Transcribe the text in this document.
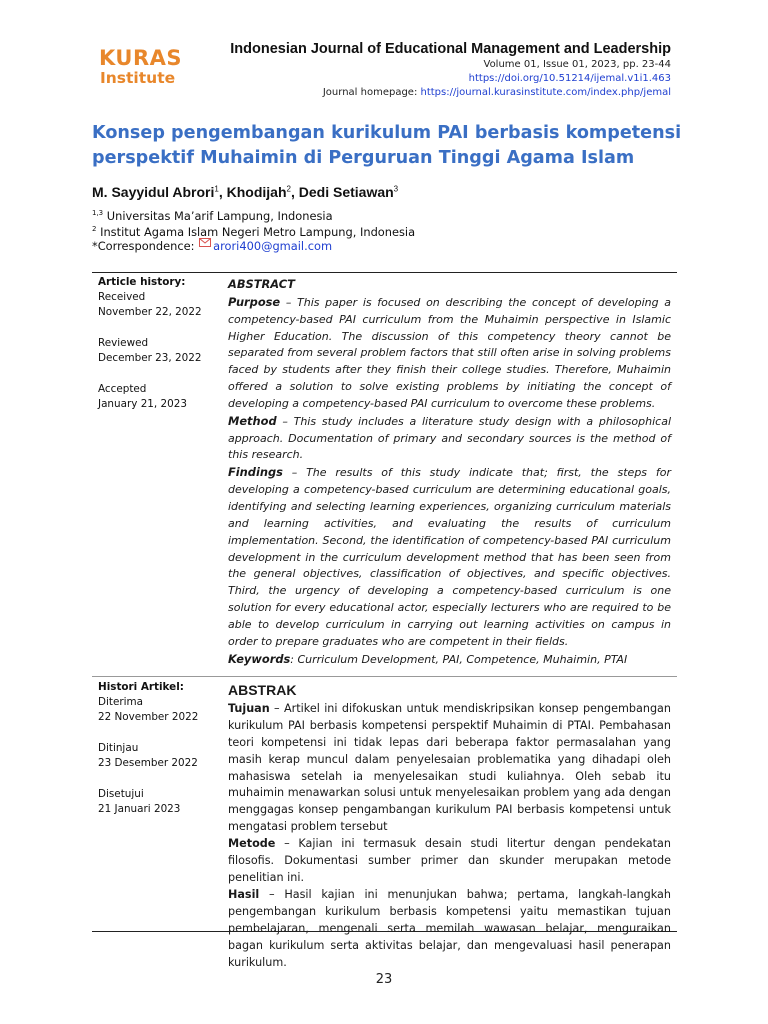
KURAS
Institute
Indonesian Journal of Educational Management and Leadership
Volume 01, Issue 01, 2023, pp. 23-44
https://doi.org/10.51214/ijemal.v1i1.463
Journal homepage: https://journal.kurasinstitute.com/index.php/jemal
Konsep pengembangan kurikulum PAI berbasis kompetensi perspektif Muhaimin di Perguruan Tinggi Agama Islam
M. Sayyidul Abrori$^1$, Khodijah$^2$, Dedi Setiawan$^3$
$^{1,3}$ Universitas Ma’arif Lampung, Indonesia
$^2$ Institut Agama Islam Negeri Metro Lampung, Indonesia
*Correspondence: arori400@gmail.com
Article history:
Received
November 22, 2022
Reviewed
December 23, 2022
Accepted
January 21, 2023

ABSTRACT

Purpose – This paper is focused on describing the concept of developing a competency-based PAI curriculum from the Muhaimin perspective in Islamic Higher Education. The discussion of this competency theory cannot be separated from several problem factors that still often arise in solving problems faced by students after they finish their college studies. Therefore, Muhaimin offered a solution to solve existing problems by initiating the concept of developing a competency-based PAI curriculum to overcome these problems.

Method – This study includes a literature study design with a philosophical approach. Documentation of primary and secondary sources is the method of this research.

Findings – The results of this study indicate that; first, the steps for developing a competency-based curriculum are determining educational goals, identifying and selecting learning experiences, organizing curriculum materials and learning activities, and evaluating the results of curriculum implementation. Second, the identification of competency-based PAI curriculum development in the curriculum development method that has been seen from the general objectives, classification of objectives, and specific objectives. Third, the urgency of developing a competency-based curriculum is one solution for every educational actor, especially lecturers who are required to be able to develop curriculum in carrying out learning activities on campus in order to prepare graduates who are competent in their fields.

Keywords: Curriculum Development, PAI, Competence, Muhaimin, PTAI

Histori Artikel:
Diterima
22 November 2022
Ditinjau
23 Desember 2022
Disetujui
21 Januari 2023

ABSTRAK

Tujuan – Artikel ini difokuskan untuk mendiskripsikan konsep pengembangan kurikulum PAI berbasis kompetensi perspektif Muhaimin di PTAI. Pembahasan teori kompetensi ini tidak lepas dari beberapa faktor permasalahan yang masih kerap muncul dalam penyelesaian problematika yang dihadapi oleh mahasiswa setelah ia menyelesaikan studi kuliahnya. Oleh sebab itu muhaimin menawarkan solusi untuk menyelesaikan problem yang ada dengan menggagas konsep pengambangan kurikulum PAI berbasis kompetensi untuk mengatasi problem tersebut

Metode – Kajian ini termasuk desain studi litertur dengan pendekatan filosofis. Dokumentasi sumber primer dan skunder merupakan metode penelitian ini.

Hasil – Hasil kajian ini menunjukan bahwa; pertama, langkah-langkah pengembangan kurikulum berbasis kompetensi yaitu memastikan tujuan pembelajaran, mengenali serta memilah wawasan belajar, menguraikan bagan kurikulum serta aktivitas belajar, dan mengevaluasi hasil penerapan kurikulum.

23
